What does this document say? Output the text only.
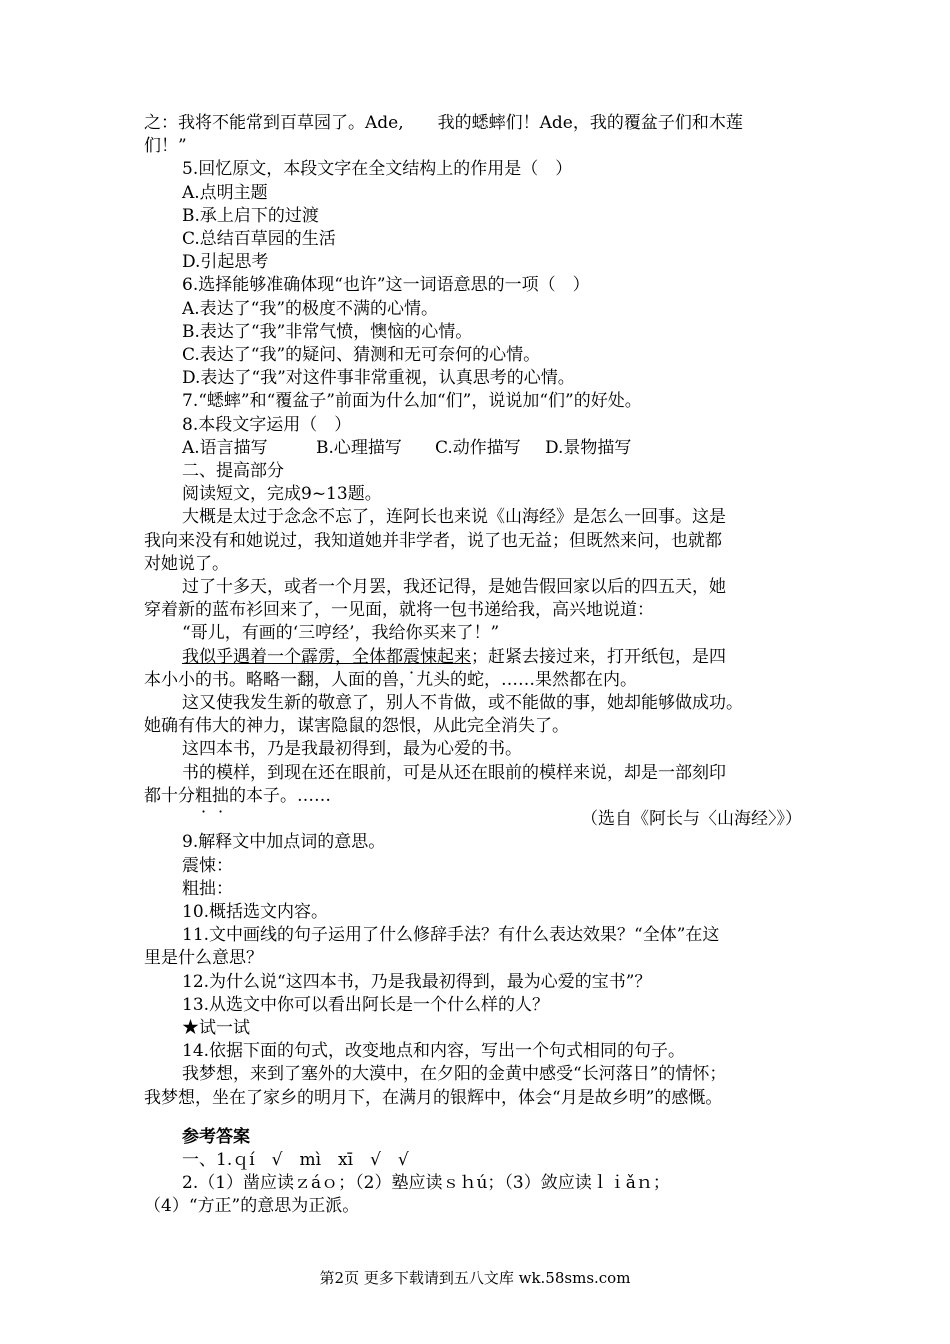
之：我将不能常到百草园了。Ade,　　我的蟋蟀们！Ade，我的覆盆子们和木莲
们！”
5.回忆原文，本段文字在全文结构上的作用是（　）
A.点明主题
B.承上启下的过渡
C.总结百草园的生活
D.引起思考
6.选择能够准确体现“也许”这一词语意思的一项（　）
A.表达了“我”的极度不满的心情。
B.表达了“我”非常气愤，懊恼的心情。
C.表达了“我”的疑问、猜测和无可奈何的心情。
D.表达了“我”对这件事非常重视，认真思考的心情。
7.“蟋蟀”和“覆盆子”前面为什么加“们”，说说加“们”的好处。
8.本段文字运用（　）
A.语言描写	B.心理描写 C.动作描写 D.景物描写
二、提高部分
阅读短文，完成9~13题。
大概是太过于念念不忘了，连阿长也来说《山海经》是怎么一回事。这是
我向来没有和她说过，我知道她并非学者，说了也无益；但既然来问，也就都
对她说了。
过了十多天，或者一个月罢，我还记得，是她告假回家以后的四五天，她
穿着新的蓝布衫回来了，一见面，就将一包书递给我，高兴地说道：
“哥儿，有画的‘三哼经’，我给你买来了！”
我似乎遇着一个霹雳，全体都震悚起来；赶紧去接过来，打开纸包，是四
本小小的书。略略一翻，人面的兽，九头的蛇，……果然都在内。
这又使我发生新的敬意了，别人不肯做，或不能做的事，她却能够做成功。
她确有伟大的神力，谋害隐鼠的怨恨，从此完全消失了。
这四本书，乃是我最初得到，最为心爱的书。
书的模样，到现在还在眼前，可是从还在眼前的模样来说，却是一部刻印
都十分粗拙的本子。……
（选自《阿长与〈山海经〉》）
9.解释文中加点词的意思。
震悚：
粗拙：
10.概括选文内容。
11.文中画线的句子运用了什么修辞手法？有什么表达效果？“全体”在这
里是什么意思？
12.为什么说“这四本书，乃是我最初得到，最为心爱的宝书”？
13.从选文中你可以看出阿长是一个什么样的人？
★试一试
14.依据下面的句式，改变地点和内容，写出一个句式相同的句子。
我梦想，来到了塞外的大漠中，在夕阳的金黄中感受“长河落日”的情怀；
我梦想，坐在了家乡的明月下，在满月的银辉中，体会“月是故乡明”的感慨。
参考答案
一、1.ｑí　√　mì　xī　√　√
2.（1）凿应读ｚáｏ；（2）塾应读ｓｈú；（3）敛应读ｌｉǎｎ；
（4）“方正”的意思为正派。
第2页 更多下载请到五八文库 wk.58sms.com
